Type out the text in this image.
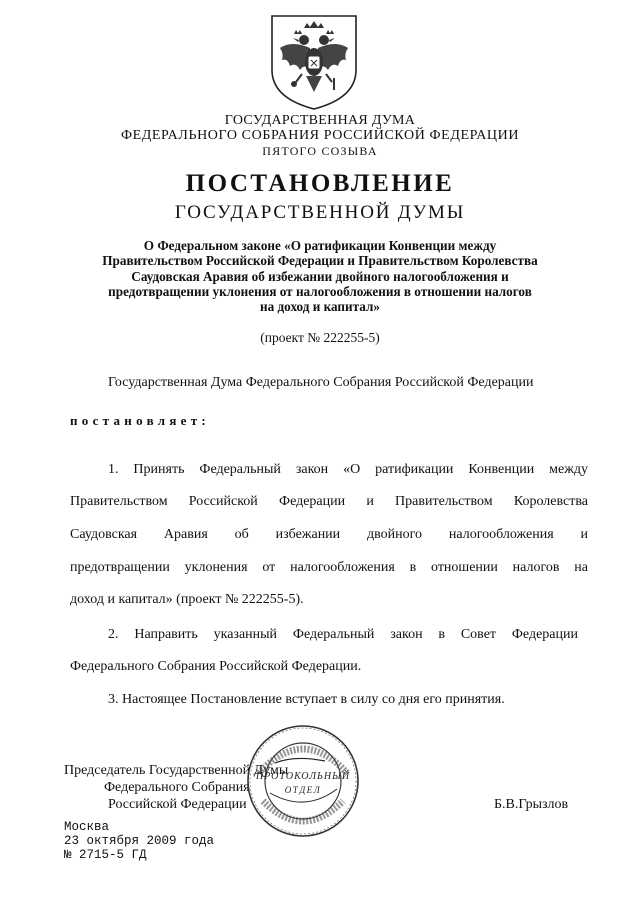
ГОСУДАРСТВЕННАЯ ДУМА
ФЕДЕРАЛЬНОГО СОБРАНИЯ РОССИЙСКОЙ ФЕДЕРАЦИИ
ПЯТОГО СОЗЫВА
ПОСТАНОВЛЕНИЕ
ГОСУДАРСТВЕННОЙ ДУМЫ
О Федеральном законе «О ратификации Конвенции между
Правительством Российской Федерации и Правительством Королевства
Саудовская Аравия об избежании двойного налогообложения и
предотвращении уклонения от налогообложения в отношении налогов
на доход и капитал»
(проект № 222255-5)
Государственная Дума Федерального Собрания Российской Федерации
постановляет:
1. Принять Федеральный закон «О ратификации Конвенции между
Правительством Российской Федерации и Правительством Королевства
Саудовская Аравия об избежании двойного налогообложения и
предотвращении уклонения от налогообложения в отношении налогов на
доход и капитал» (проект № 222255-5).
2. Направить указанный Федеральный закон в Совет Федерации
Федерального Собрания Российской Федерации.
3. Настоящее Постановление вступает в силу со дня его принятия.
Председатель Государственной Думы
Федерального Собрания
Российской Федерации	Б.В.Грызлов
ПРОТОКОЛЬНЫЙ
ОТДЕЛ
Москва
23 октября 2009 года
№ 2715-5 ГД
